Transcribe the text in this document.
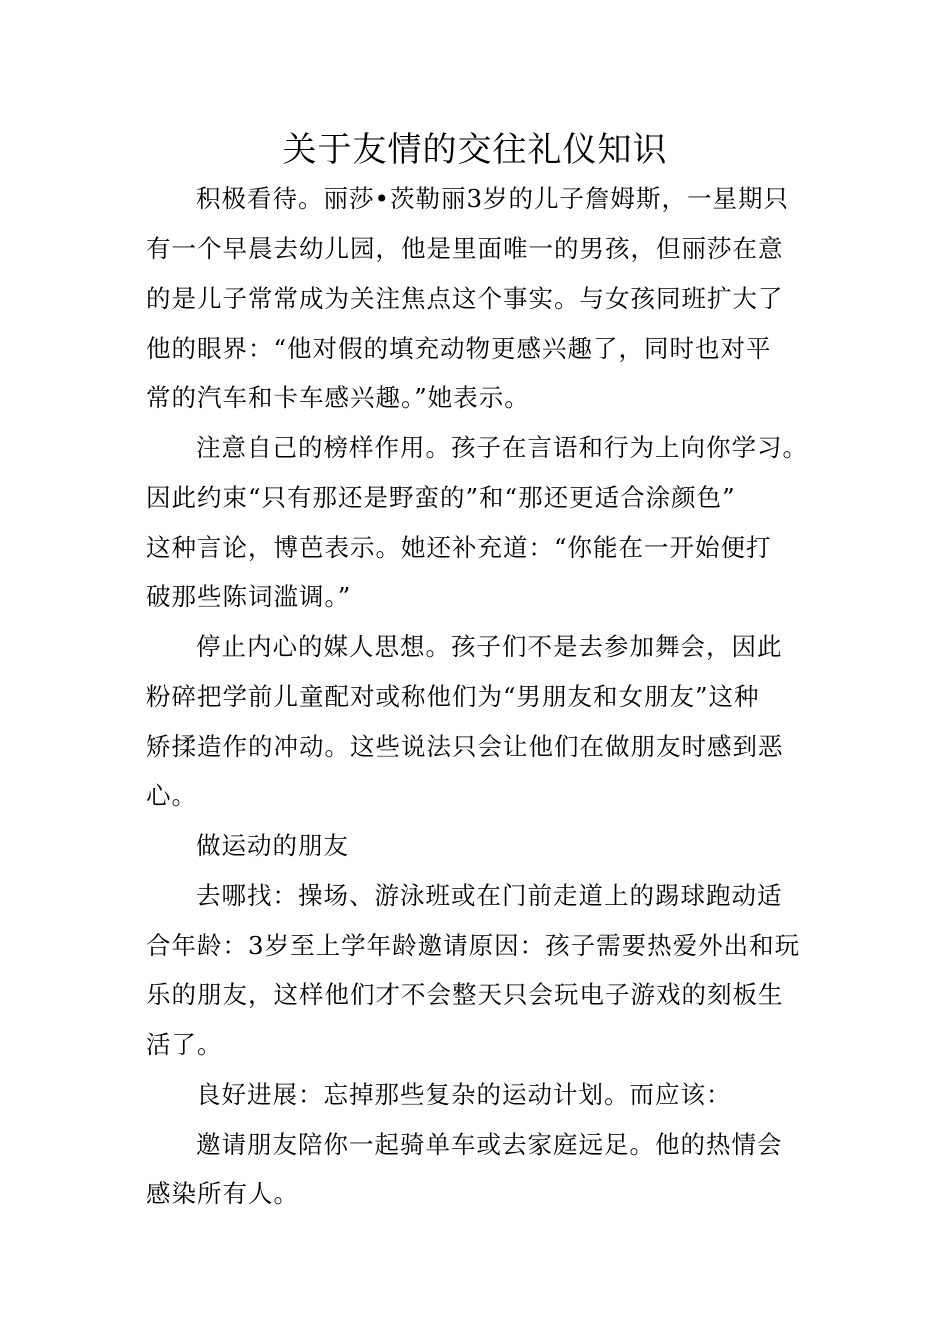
关于友情的交往礼仪知识

积极看待。丽莎•茨勒丽3岁的儿子詹姆斯，一星期只

有一个早晨去幼儿园，他是里面唯一的男孩，但丽莎在意

的是儿子常常成为关注焦点这个事实。与女孩同班扩大了

他的眼界：“他对假的填充动物更感兴趣了，同时也对平

常的汽车和卡车感兴趣。”她表示。

注意自己的榜样作用。孩子在言语和行为上向你学习。

因此约束“只有那还是野蛮的”和“那还更适合涂颜色”

这种言论，博芭表示。她还补充道：“你能在一开始便打

破那些陈词滥调。”

停止内心的媒人思想。孩子们不是去参加舞会，因此

粉碎把学前儿童配对或称他们为“男朋友和女朋友”这种

矫揉造作的冲动。这些说法只会让他们在做朋友时感到恶

心。

做运动的朋友

去哪找：操场、游泳班或在门前走道上的踢球跑动适

合年龄：3岁至上学年龄邀请原因：孩子需要热爱外出和玩

乐的朋友，这样他们才不会整天只会玩电子游戏的刻板生

活了。

良好进展：忘掉那些复杂的运动计划。而应该：

邀请朋友陪你一起骑单车或去家庭远足。他的热情会

感染所有人。
